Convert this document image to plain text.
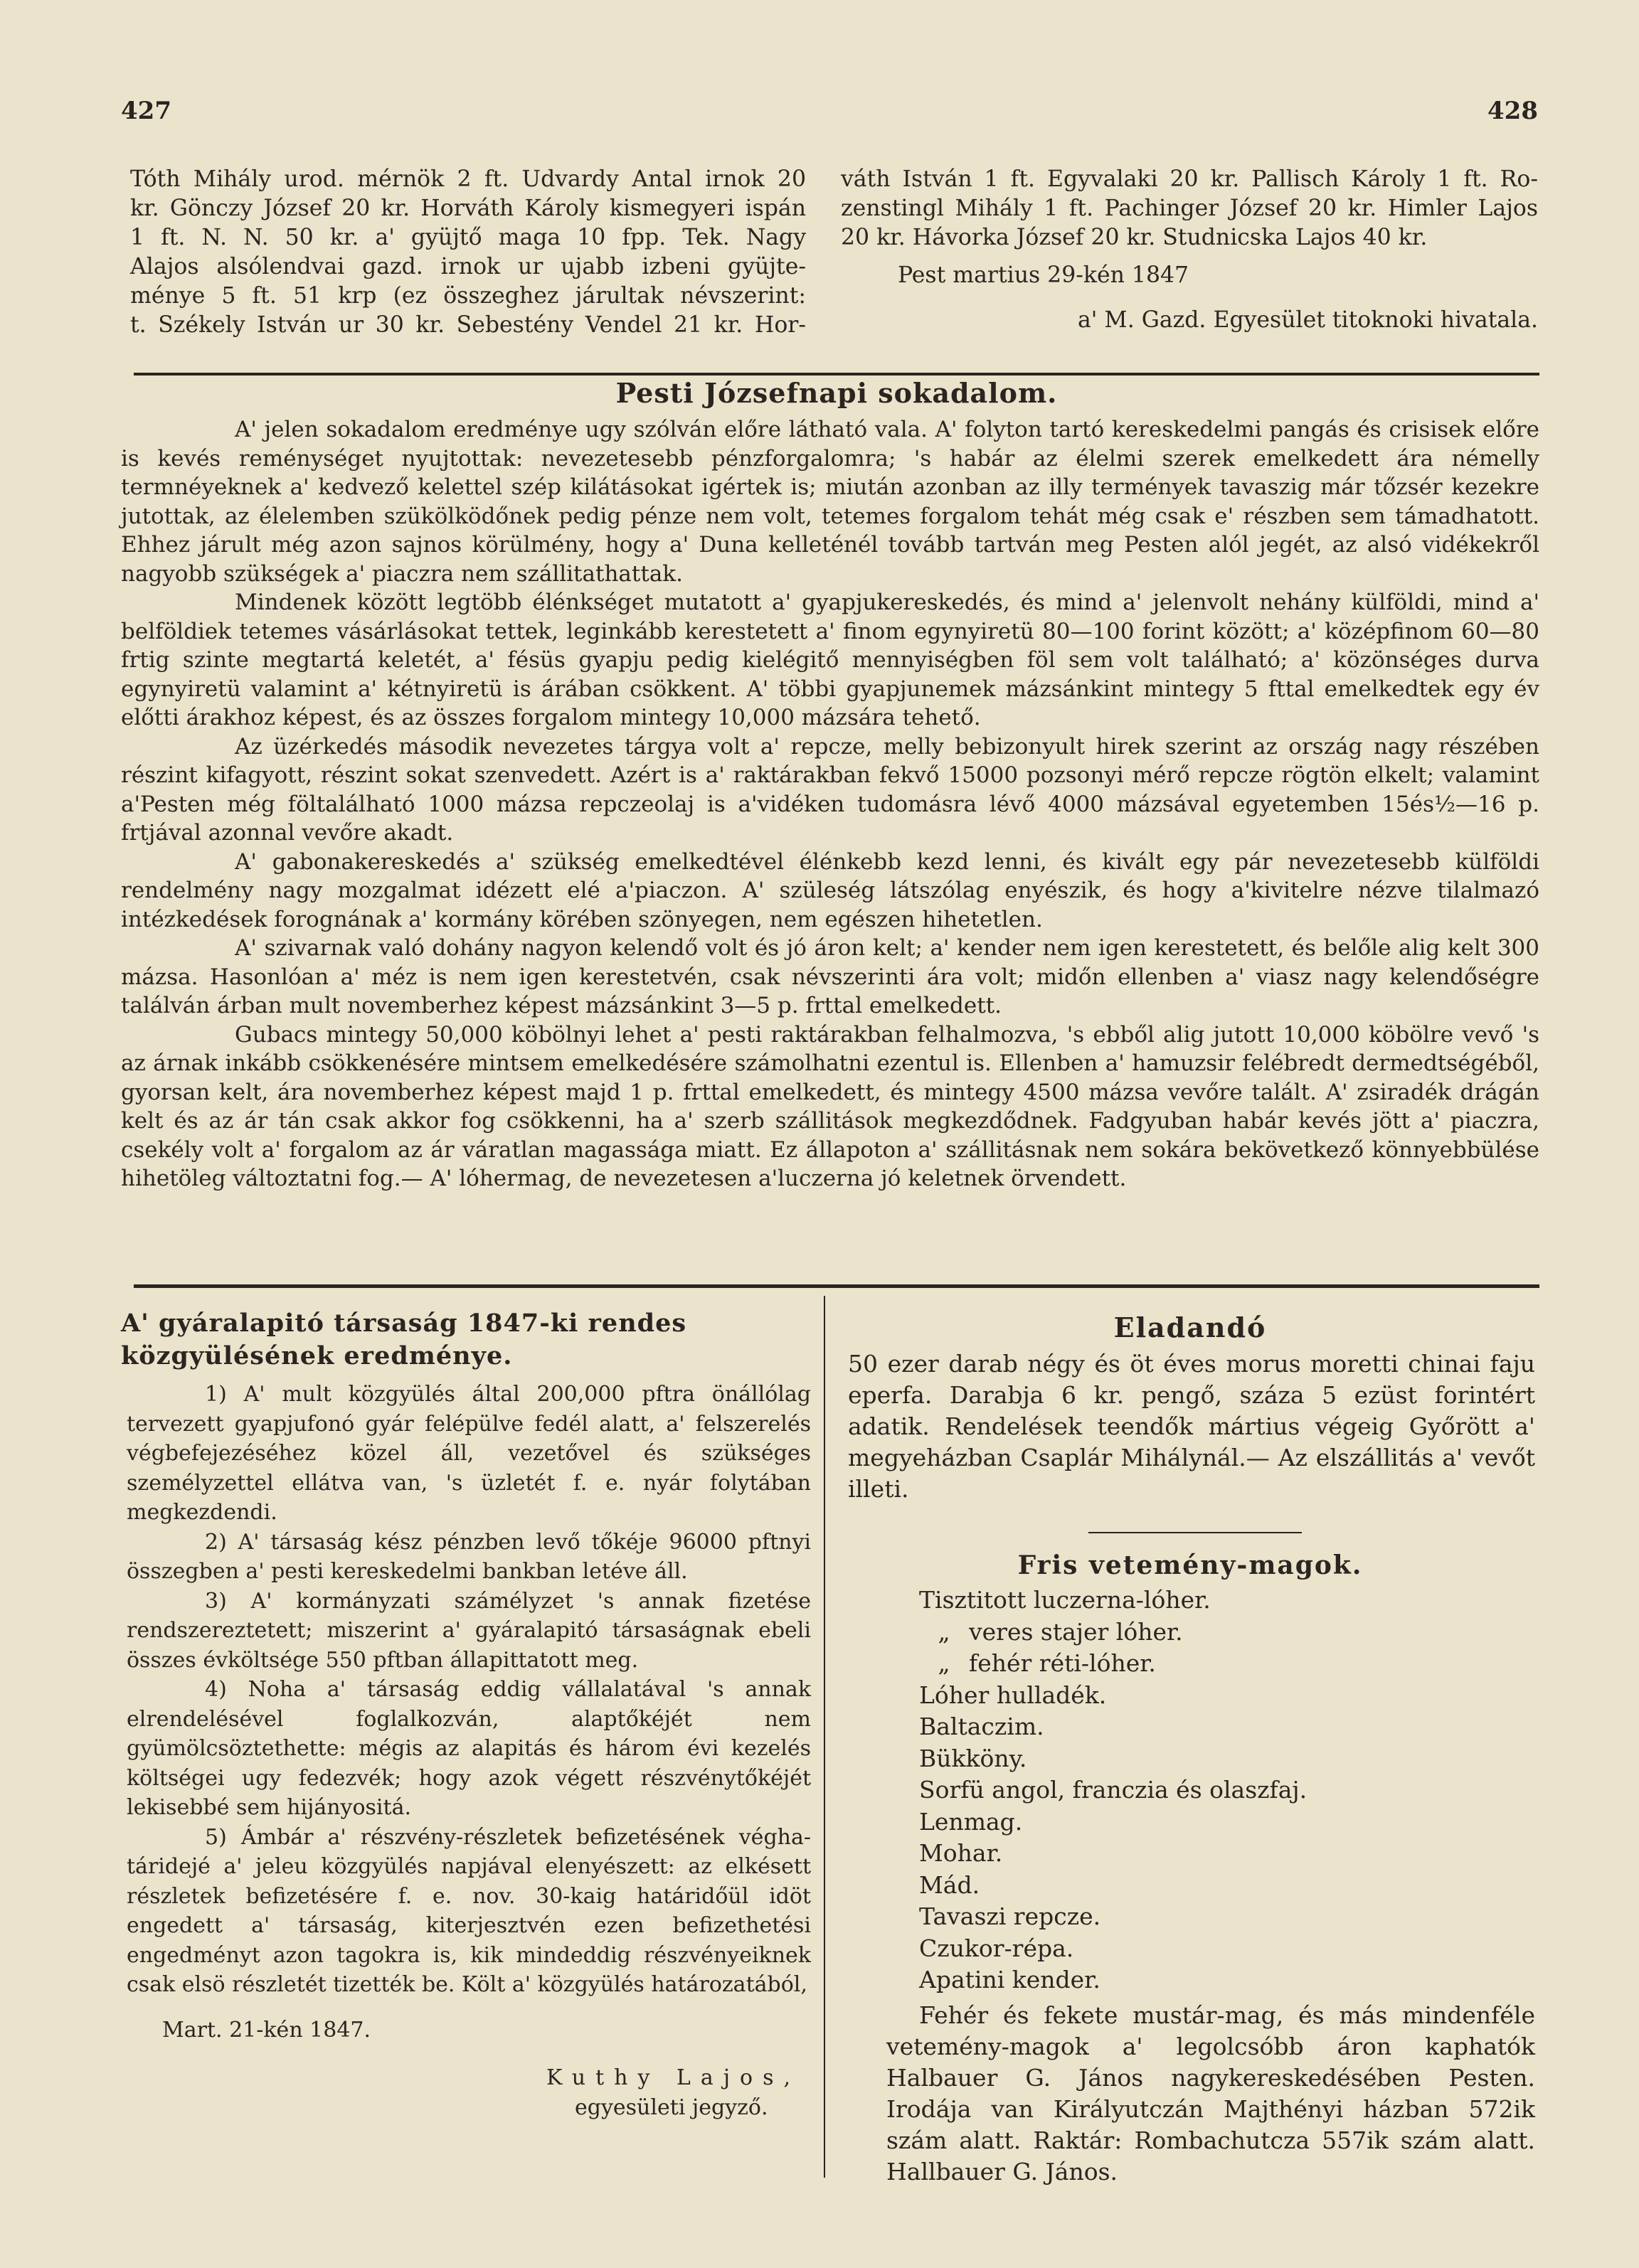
427	428

Tóth Mihály urod. mérnök 2 ft. Udvardy Antal irnok 20

kr. Gönczy József 20 kr. Horváth Károly kismegyeri ispán

1 ft. N. N. 50 kr. a' gyüjtő maga 10 fpp. Tek. Nagy

Alajos alsólendvai gazd. irnok ur ujabb izbeni gyüjte-

ménye 5 ft. 51 krp (ez összeghez járultak névszerint:

t. Székely István ur 30 kr. Sebestény Vendel 21 kr. Hor-

váth István 1 ft. Egyvalaki 20 kr. Pallisch Károly 1 ft. Ro-

zenstingl Mihály 1 ft. Pachinger József 20 kr. Himler Lajos

20 kr. Hávorka József 20 kr. Studnicska Lajos 40 kr.

Pest martius 29-kén 1847

a' M. Gazd. Egyesület titoknoki hivatala.

Pesti Józsefnapi sokadalom.

A' jelen sokadalom eredménye ugy szólván előre látható vala. A' folyton tartó kereskedelmi pangás és crisisek előre is kevés reménységet nyujtottak: nevezetesebb pénzforgalomra; 's habár az élelmi szerek emelkedett ára némelly termnéyeknek a' kedvező kelettel szép kilátásokat igértek is; miután azonban az illy termények tavaszig már tőzsér kezekre jutottak, az élelemben szükölködőnek pedig pénze nem volt, tetemes forgalom tehát még csak e' részben sem támadhatott. Ehhez járult még azon sajnos körülmény, hogy a' Duna kelleténél tovább tartván meg Pesten alól jegét, az alsó vidékekről nagyobb szükségek a' piaczra nem szállitathattak.

Mindenek között legtöbb élénkséget mutatott a' gyapjukereskedés, és mind a' jelenvolt nehány külföldi, mind a' belföldiek tetemes vásárlásokat tettek, leginkább kerestetett a' finom egynyiretü 80—100 forint között; a' középfinom 60—80 frtig szinte megtartá keletét, a' fésüs gyapju pedig kielégitő mennyiségben föl sem volt található; a' közönséges durva egynyiretü valamint a' kétnyiretü is árában csökkent. A' többi gyapjunemek mázsánkint mintegy 5 fttal emelkedtek egy év előtti árakhoz képest, és az összes forgalom mintegy 10,000 mázsára tehető.

Az üzérkedés második nevezetes tárgya volt a' repcze, melly bebizonyult hirek szerint az ország nagy részében részint kifagyott, részint sokat szenvedett. Azért is a' raktárakban fekvő 15000 pozsonyi mérő repcze rögtön elkelt; valamint a'Pesten még föltalálható 1000 mázsa repczeolaj is a'vidéken tudomásra lévő 4000 mázsával egyetemben 15és½—16 p. frtjával azonnal vevőre akadt.

A' gabonakereskedés a' szükség emelkedtével élénkebb kezd lenni, és kivált egy pár nevezetesebb külföldi rendelmény nagy mozgalmat idézett elé a'piaczon. A' szüleség látszólag enyészik, és hogy a'kivitelre nézve tilalmazó intézkedések forognának a' kormány körében szönyegen, nem egészen hihetetlen.

A' szivarnak való dohány nagyon kelendő volt és jó áron kelt; a' kender nem igen kerestetett, és belőle alig kelt 300 mázsa. Hasonlóan a' méz is nem igen kerestetvén, csak névszerinti ára volt; midőn ellenben a' viasz nagy kelendőségre találván árban mult novemberhez képest mázsánkint 3—5 p. frttal emelkedett.

Gubacs mintegy 50,000 köbölnyi lehet a' pesti raktárakban felhalmozva, 's ebből alig jutott 10,000 köbölre vevő 's az árnak inkább csökkenésére mintsem emelkedésére számolhatni ezentul is. Ellenben a' hamuzsir felébredt dermedtségéből, gyorsan kelt, ára novemberhez képest majd 1 p. frttal emelkedett, és mintegy 4500 mázsa vevőre talált. A' zsiradék drágán kelt és az ár tán csak akkor fog csökkenni, ha a' szerb szállitások megkezdődnek. Fadgyuban habár kevés jött a' piaczra, csekély volt a' forgalom az ár váratlan magassága miatt. Ez állapoton a' szállitásnak nem sokára bekövetkező könnyebbülése hihetöleg változtatni fog.— A' lóhermag, de nevezetesen a'luczerna jó keletnek örvendett.

A' gyáralapitó társaság 1847-ki rendes közgyülésének eredménye.

1) A' mult közgyülés által 200,000 pftra önállólag tervezett gyapjufonó gyár felépülve fedél alatt, a' felszerelés végbefejezéséhez közel áll, vezetővel és szükséges személyzettel ellátva van, 's üzletét f. e. nyár folytában megkezdendi.

2) A' társaság kész pénzben levő tőkéje 96000 pftnyi összegben a' pesti kereskedelmi bankban letéve áll.

3) A' kormányzati számélyzet 's annak fizetése rendszereztetett; miszerint a' gyáralapitó társaságnak ebeli összes évköltsége 550 pftban állapittatott meg.

4) Noha a' társaság eddig vállalatával 's annak elrendelésével foglalkozván, alaptőkéjét nem gyümölcsöztethette: mégis az alapitás és három évi kezelés költségei ugy fedezvék; hogy azok végett részvénytőkéjét lekisebbé sem hijányositá.

5) Ámbár a' részvény-részletek befizetésének végha-táridejé a' jeleu közgyülés napjával elenyészett: az elkésett részletek befizetésére f. e. nov. 30-kaig határidőül idöt engedett a' társaság, kiterjesztvén ezen befizethetési engedményt azon tagokra is, kik mindeddig részvényeiknek csak elsö részletét tizették be. Költ a' közgyülés határozatából,

Mart. 21-kén 1847.

Kuthy Lajos,

egyesületi jegyző.

Eladandó

50 ezer darab négy és öt éves morus moretti chinai faju eperfa. Darabja 6 kr. pengő, százа 5 ezüst forintért adatik. Rendelések teendők mártius végeig Győrött a' megyeházban Csaplár Mihálynál.— Az elszállitás a' vevőt illeti.

Fris vetemény-magok.
Tisztitott luczerna-lóher.
„ veres stajer lóher.
„ fehér réti-lóher.
Lóher hulladék.
Baltaczim.
Bükköny.
Sorfü angol, franczia és olaszfaj.
Lenmag.
Mohar.
Mád.
Tavaszi repcze.
Czukor-répa.
Apatini kender.

Fehér és fekete mustár-mag, és más mindenféle vetemény-magok a' legolcsóbb áron kaphatók Halbauer G. János nagykereskedésében Pesten. Irodája van Királyutczán Majthényi házban 572ik szám alatt. Raktár: Rombachutcza 557ik szám alatt. Hallbauer G. János.
